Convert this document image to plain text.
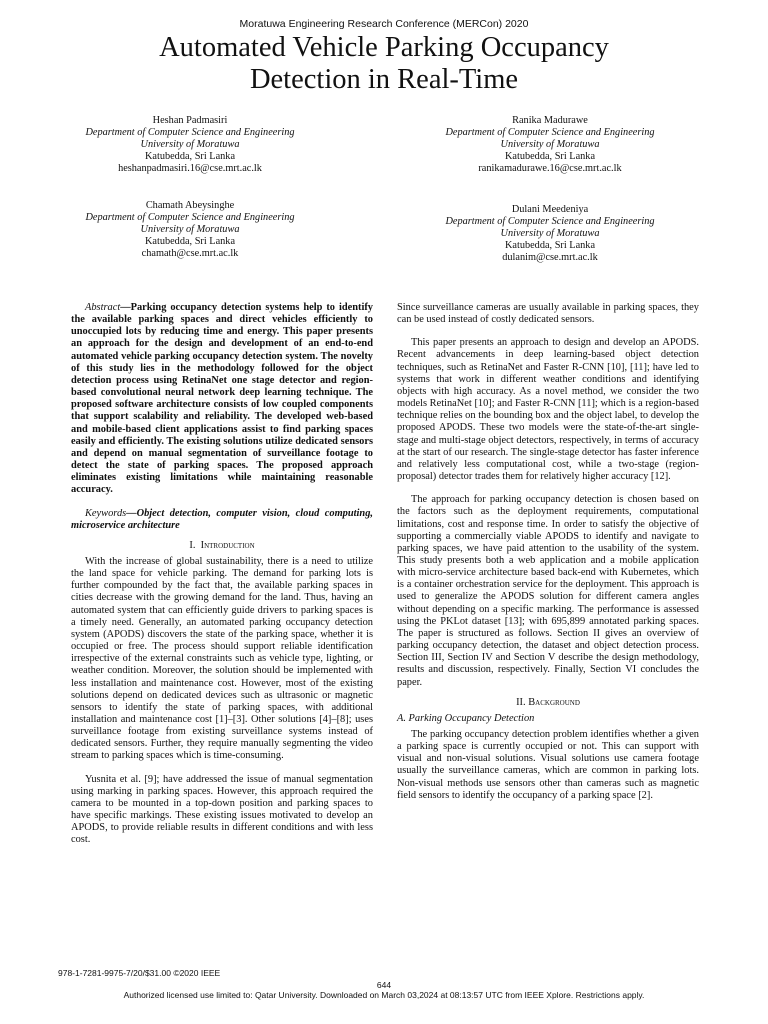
Moratuwa Engineering Research Conference (MERCon) 2020
Automated Vehicle Parking Occupancy
Detection in Real-Time
Heshan Padmasiri
Department of Computer Science and Engineering
University of Moratuwa
Katubedda, Sri Lanka
heshanpadmasiri.16@cse.mrt.ac.lk
Ranika Madurawe
Department of Computer Science and Engineering
University of Moratuwa
Katubedda, Sri Lanka
ranikamadurawe.16@cse.mrt.ac.lk
Chamath Abeysinghe
Department of Computer Science and Engineering
University of Moratuwa
Katubedda, Sri Lanka
chamath@cse.mrt.ac.lk
Dulani Meedeniya
Department of Computer Science and Engineering
University of Moratuwa
Katubedda, Sri Lanka
dulanim@cse.mrt.ac.lk

Abstract—Parking occupancy detection systems help to identify the available parking spaces and direct vehicles efficiently to unoccupied lots by reducing time and energy. This paper presents an approach for the design and development of an end-to-end automated vehicle parking occupancy detection system. The novelty of this study lies in the methodology followed for the object detection process using RetinaNet one stage detector and region-based convolutional neural network deep learning technique. The proposed software architecture consists of low coupled components that support scalability and reliability. The developed web-based and mobile-based client applications assist to find parking spaces easily and efficiently. The existing solutions utilize dedicated sensors and depend on manual segmentation of surveillance footage to detect the state of parking spaces. The proposed approach eliminates existing limitations while maintaining reasonable accuracy.

Keywords—Object detection, computer vision, cloud computing, microservice architecture

I. Introduction

With the increase of global sustainability, there is a need to utilize the land space for vehicle parking. The demand for parking lots is further compounded by the fact that, the available parking spaces in cities decrease with the growing demand for the land. Thus, having an automated system that can efficiently guide drivers to parking spaces is a timely need. Generally, an automated parking occupancy detection system (APODS) discovers the state of the parking space, whether it is occupied or free. The process should support reliable identification irrespective of the external constraints such as vehicle type, lighting, or weather condition. Moreover, the solution should be implemented with less installation and maintenance cost. However, most of the existing solutions depend on dedicated devices such as ultrasonic or magnetic sensors to identify the state of parking spaces, with additional installation and maintenance cost [1]–[3]. Other solutions [4]–[8]; uses surveillance footage from existing surveillance systems instead of dedicated sensors. Further, they require manually segmenting the video stream to parking spaces which is time-consuming.

Yusnita et al. [9]; have addressed the issue of manual segmentation using marking in parking spaces. However, this approach required the camera to be mounted in a top-down position and parking spaces to have specific markings. These existing issues motivated to develop an APODS, to provide reliable results in different conditions and with less cost.

Since surveillance cameras are usually available in parking spaces, they can be used instead of costly dedicated sensors.

This paper presents an approach to design and develop an APODS. Recent advancements in deep learning-based object detection techniques, such as RetinaNet and Faster R-CNN [10], [11]; have led to systems that work in different weather conditions and identifying objects with high accuracy. As a novel method, we consider the two models RetinaNet [10]; and Faster R-CNN [11]; which is a region-based technique relies on the bounding box and the object label, to develop the proposed APODS. These two models were the state-of-the-art single-stage and multi-stage object detectors, respectively, in terms of accuracy at the start of our research. The single-stage detector has faster inference and relatively less computational cost, while a two-stage (region-proposal) detector trades them for relatively higher accuracy [12].

The approach for parking occupancy detection is chosen based on the factors such as the deployment requirements, computational limitations, cost and response time. In order to satisfy the objective of supporting a commercially viable APODS to identify and navigate to parking spaces, we have paid attention to the usability of the system. This study presents both a web application and a mobile application with micro-service architecture based back-end with Kubernetes, which is a container orchestration service for the deployment. This approach is used to generalize the APODS solution for different camera angles without depending on a specific marking. The performance is assessed using the PKLot dataset [13]; with 695,899 annotated parking spaces. The paper is structured as follows. Section II gives an overview of parking occupancy detection, the dataset and object detection process. Section III, Section IV and Section V describe the design methodology, results and discussion, respectively. Finally, Section VI concludes the paper.

II. Background
A. Parking Occupancy Detection

The parking occupancy detection problem identifies whether a given a parking space is currently occupied or not. This can support with visual and non-visual solutions. Visual solutions use camera footage usually the surveillance cameras, which are common in parking lots. Non-visual methods use sensors other than cameras such as magnetic field sensors to identify the occupancy of a parking space [2].

978-1-7281-9975-7/20/$31.00 ©2020 IEEE
644
Authorized licensed use limited to: Qatar University. Downloaded on March 03,2024 at 08:13:57 UTC from IEEE Xplore. Restrictions apply.
